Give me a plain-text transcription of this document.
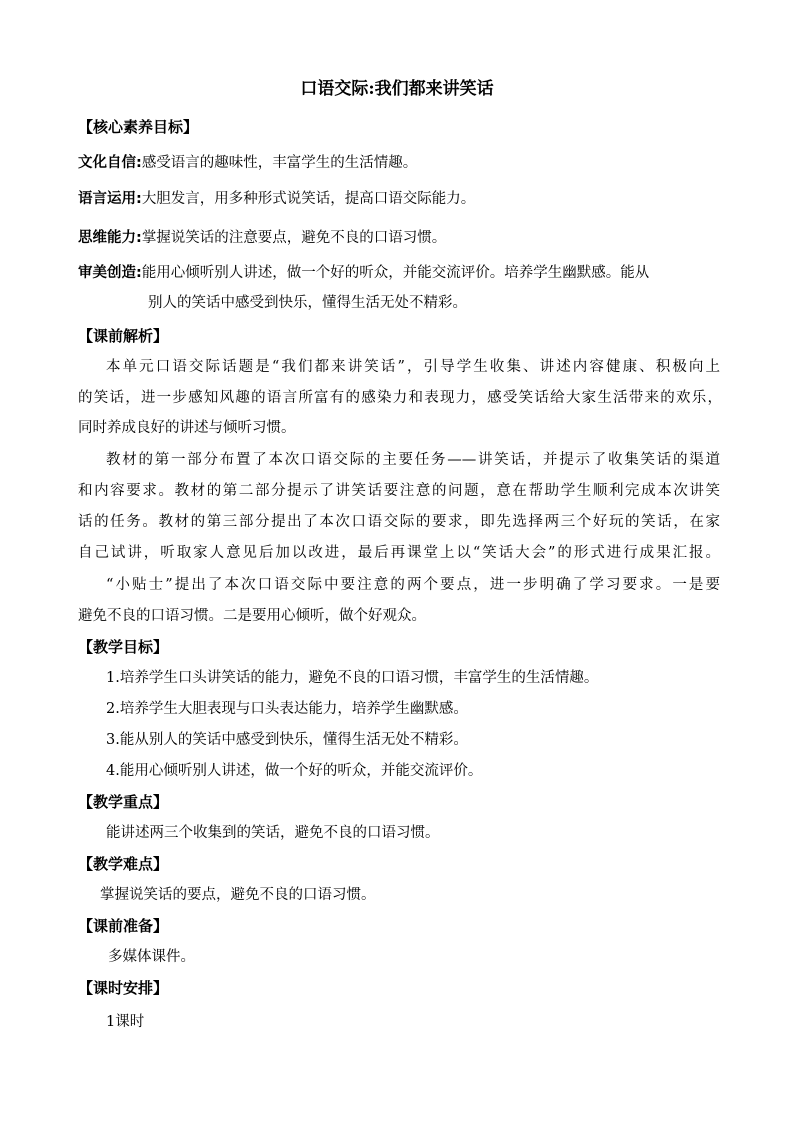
口语交际:我们都来讲笑话
【核心素养目标】
文化自信:感受语言的趣味性，丰富学生的生活情趣。
语言运用:大胆发言，用多种形式说笑话，提高口语交际能力。
思维能力:掌握说笑话的注意要点，避免不良的口语习惯。
审美创造:能用心倾听别人讲述，做一个好的听众，并能交流评价。培养学生幽默感。能从
别人的笑话中感受到快乐，懂得生活无处不精彩。
【课前解析】
本单元口语交际话题是“我们都来讲笑话”，引导学生收集、讲述内容健康、积极向上
的笑话，进一步感知风趣的语言所富有的感染力和表现力，感受笑话给大家生活带来的欢乐，
同时养成良好的讲述与倾听习惯。
教材的第一部分布置了本次口语交际的主要任务——讲笑话，并提示了收集笑话的渠道
和内容要求。教材的第二部分提示了讲笑话要注意的问题，意在帮助学生顺利完成本次讲笑
话的任务。教材的第三部分提出了本次口语交际的要求，即先选择两三个好玩的笑话，在家
自己试讲，听取家人意见后加以改进，最后再课堂上以“笑话大会”的形式进行成果汇报。
“小贴士”提出了本次口语交际中要注意的两个要点，进一步明确了学习要求。一是要
避免不良的口语习惯。二是要用心倾听，做个好观众。
【教学目标】
1.培养学生口头讲笑话的能力，避免不良的口语习惯，丰富学生的生活情趣。
2.培养学生大胆表现与口头表达能力，培养学生幽默感。
3.能从别人的笑话中感受到快乐，懂得生活无处不精彩。
4.能用心倾听别人讲述，做一个好的听众，并能交流评价。
【教学重点】
能讲述两三个收集到的笑话，避免不良的口语习惯。
【教学难点】
掌握说笑话的要点，避免不良的口语习惯。
【课前准备】
多媒体课件。
【课时安排】
1课时
